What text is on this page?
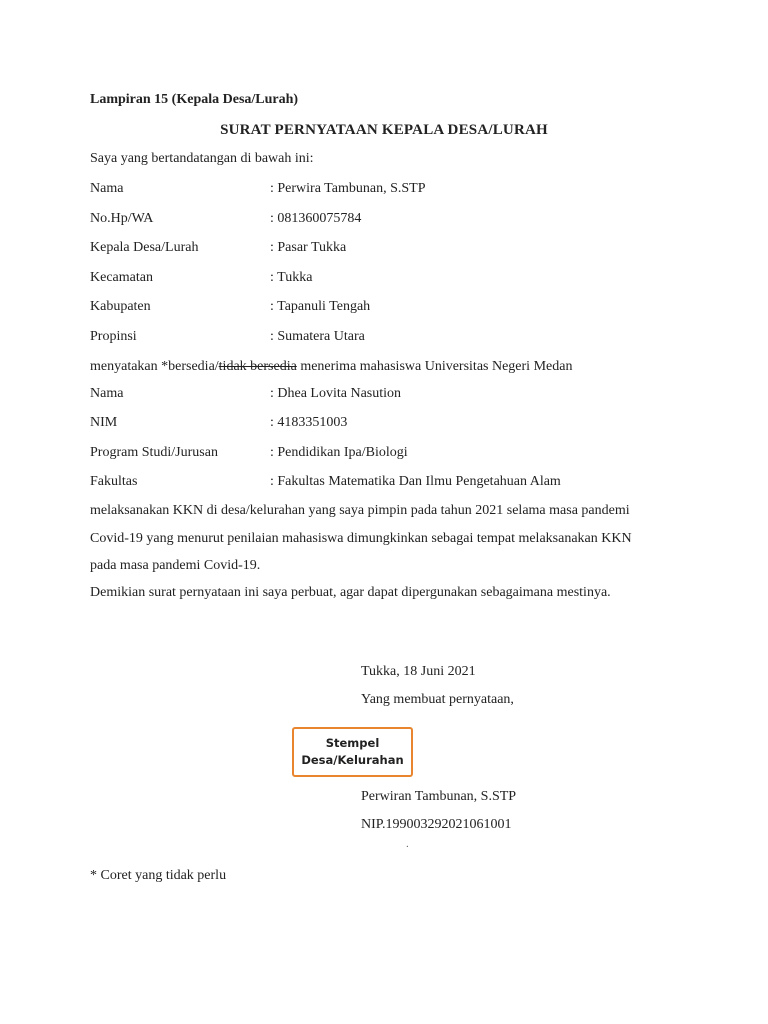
Lampiran 15 (Kepala Desa/Lurah)
SURAT PERNYATAAN KEPALA DESA/LURAH
Saya yang bertandatangan di bawah ini:
Nama	: Perwira Tambunan, S.STP
No.Hp/WA	: 081360075784
Kepala Desa/Lurah	: Pasar Tukka
Kecamatan	: Tukka
Kabupaten	: Tapanuli Tengah
Propinsi	: Sumatera Utara
menyatakan *bersedia/tidak bersedia menerima mahasiswa Universitas Negeri Medan
Nama	: Dhea Lovita Nasution
NIM	: 4183351003
Program Studi/Jurusan	: Pendidikan Ipa/Biologi
Fakultas	: Fakultas Matematika Dan Ilmu Pengetahuan Alam
melaksanakan KKN di desa/kelurahan yang saya pimpin pada tahun 2021 selama masa pandemi
Covid-19 yang menurut penilaian mahasiswa dimungkinkan sebagai tempat melaksanakan KKN
pada masa pandemi Covid-19.
Demikian surat pernyataan ini saya perbuat, agar dapat dipergunakan sebagaimana mestinya.
Tukka, 18 Juni 2021
Yang membuat pernyataan,
Stempel
Desa/Kelurahan
Perwiran Tambunan, S.STP
NIP.199003292021061001
.
* Coret yang tidak perlu
